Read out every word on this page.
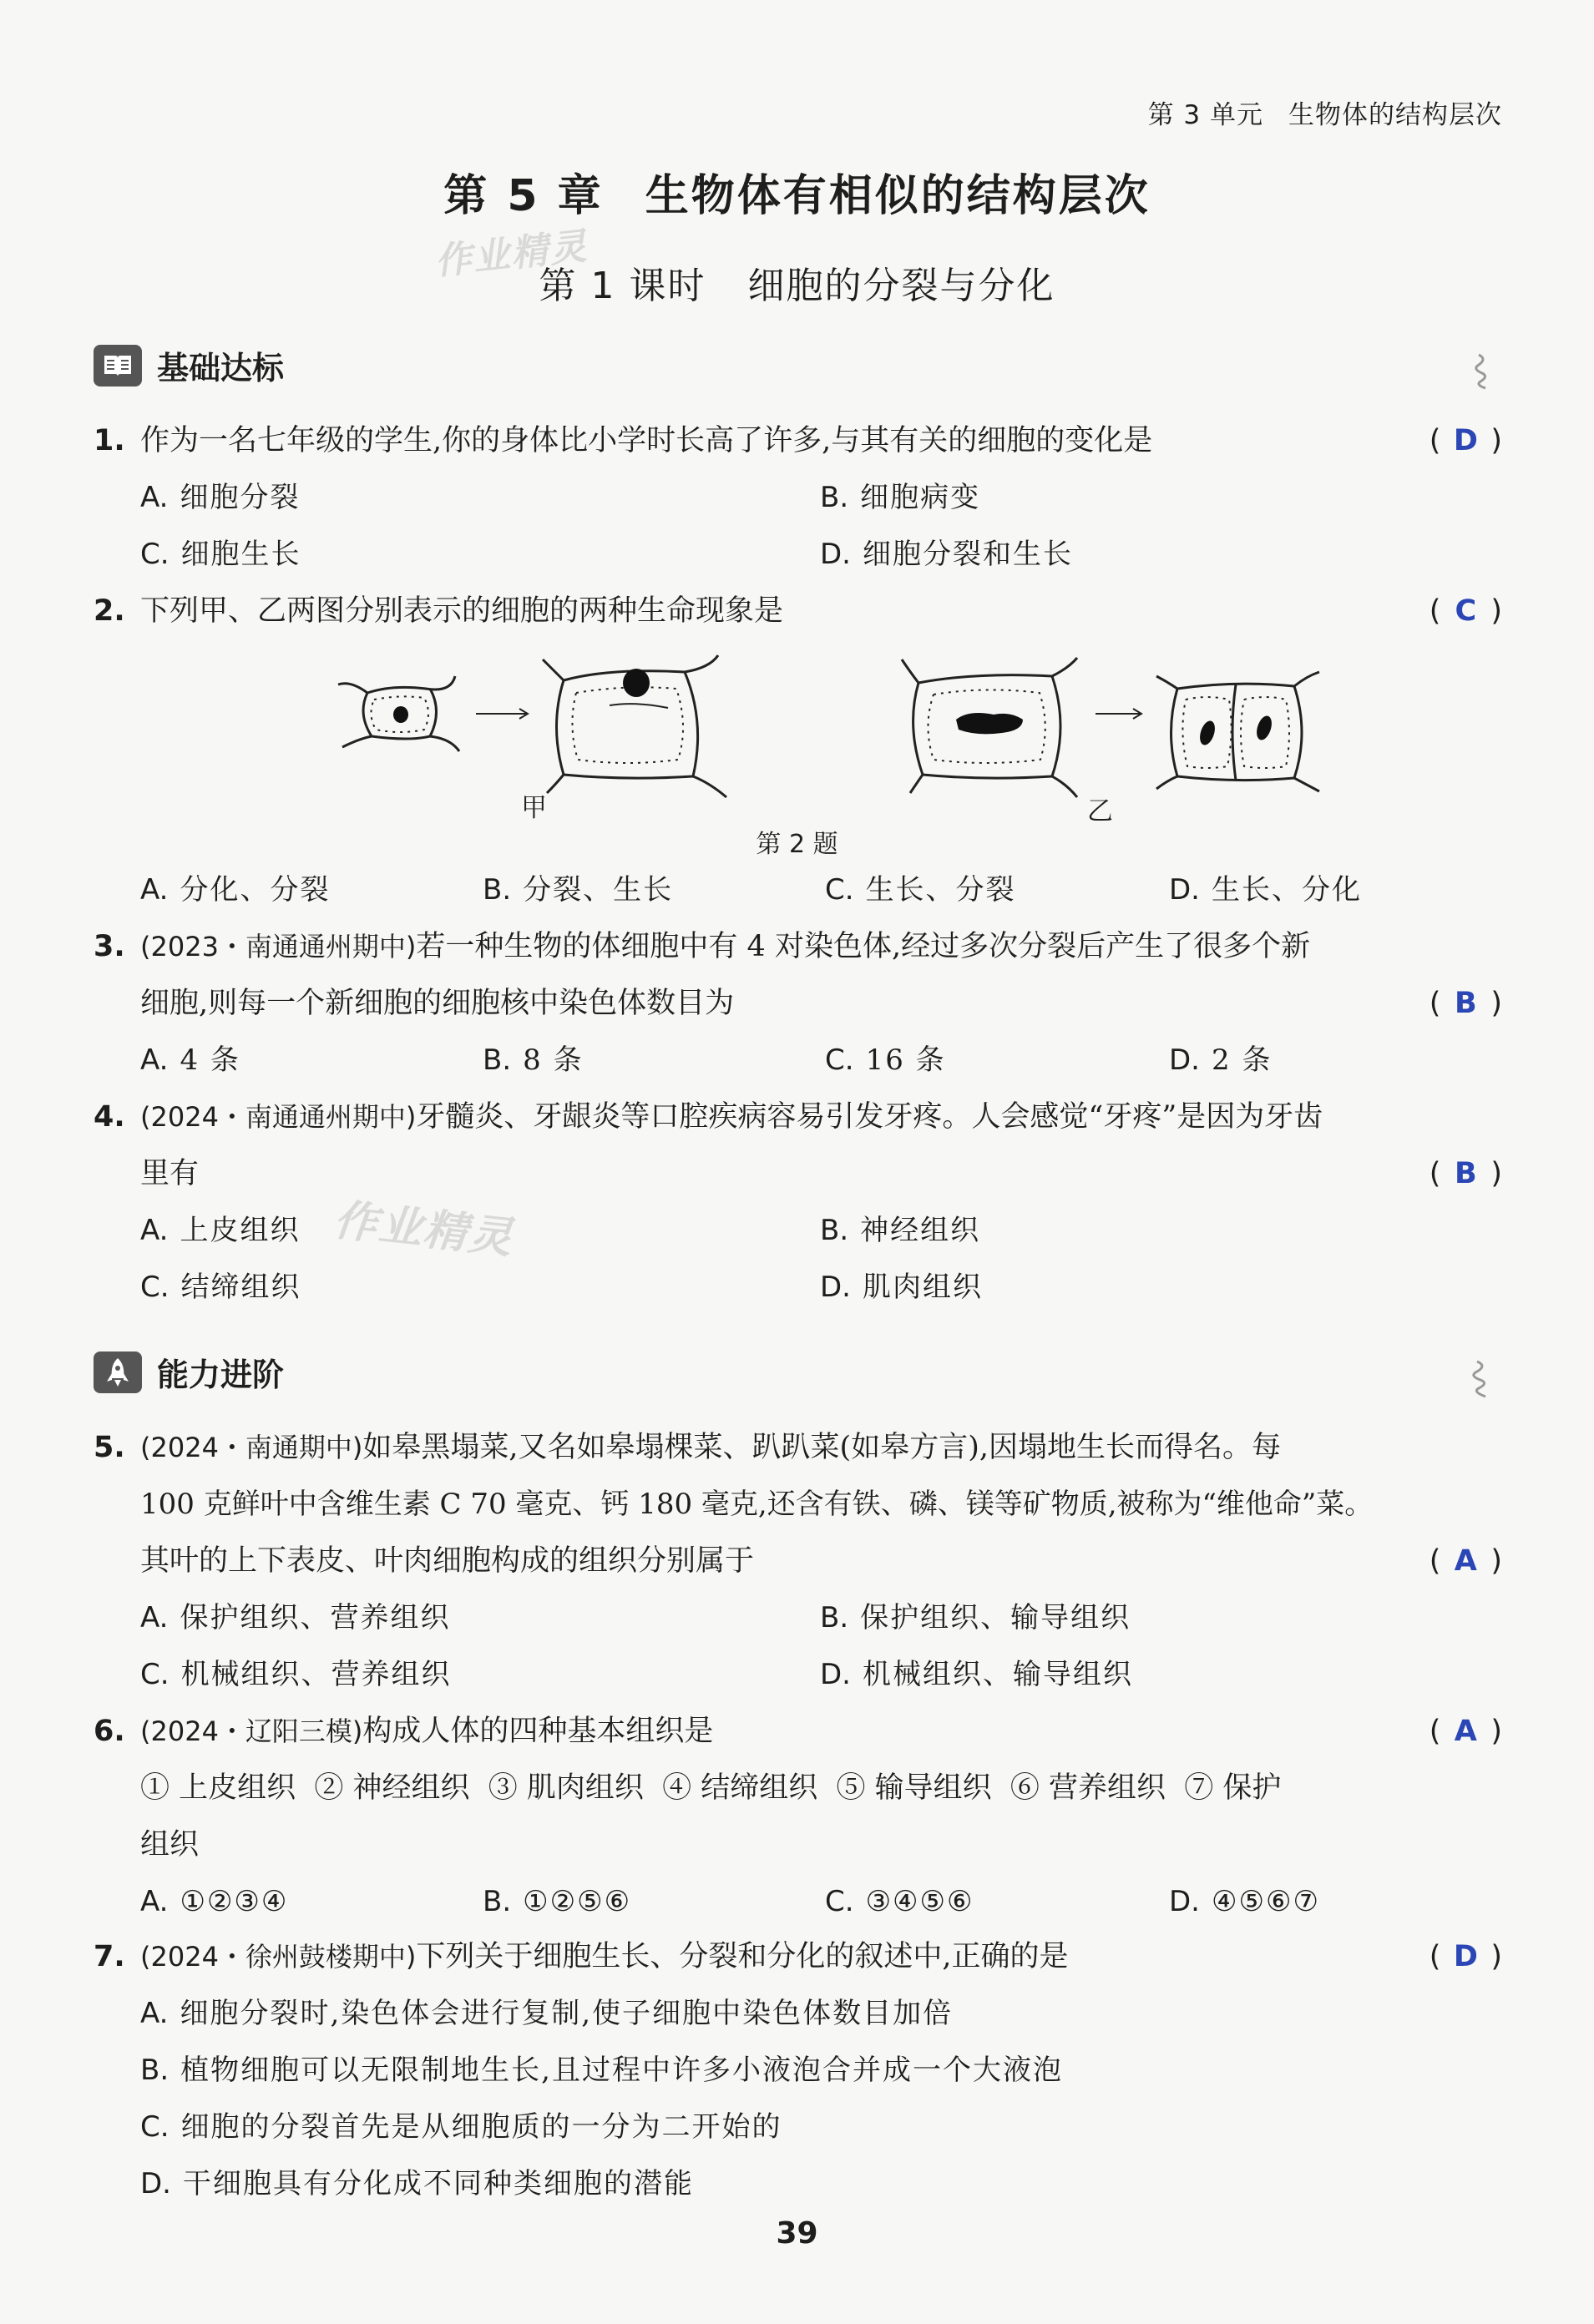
第 3 单元 生物体的结构层次
第 5 章 生物体有相似的结构层次
作业精灵
第 1 课时 细胞的分裂与分化
基础达标
1. 作为一名七年级的学生,你的身体比小学时长高了许多,与其有关的细胞的变化是	( D )
A. 细胞分裂	B. 细胞病变
C. 细胞生长	D. 细胞分裂和生长
2. 下列甲、乙两图分别表示的细胞的两种生命现象是	( C )
甲	乙
第 2 题
A. 分化、分裂	B. 分裂、生长	C. 生长、分裂	D. 生长、分化
3. (2023・南通通州期中)若一种生物的体细胞中有 4 对染色体,经过多次分裂后产生了很多个新
细胞,则每一个新细胞的细胞核中染色体数目为	( B )
A. 4 条	B. 8 条	C. 16 条	D. 2 条
4. (2024・南通通州期中)牙髓炎、牙龈炎等口腔疾病容易引发牙疼。人会感觉“牙疼”是因为牙齿
里有	( B )
A. 上皮组织	B. 神经组织
C. 结缔组织	D. 肌肉组织
作业精灵
能力进阶
5. (2024・南通期中)如皋黑塌菜,又名如皋塌棵菜、趴趴菜(如皋方言),因塌地生长而得名。每
100 克鲜叶中含维生素 C 70 毫克、钙 180 毫克,还含有铁、磷、镁等矿物质,被称为“维他命”菜。
其叶的上下表皮、叶肉细胞构成的组织分别属于	( A )
A. 保护组织、营养组织	B. 保护组织、输导组织
C. 机械组织、营养组织	D. 机械组织、输导组织
6. (2024・辽阳三模)构成人体的四种基本组织是	( A )
① 上皮组织  ② 神经组织  ③ 肌肉组织  ④ 结缔组织  ⑤ 输导组织  ⑥ 营养组织  ⑦ 保护
组织
A. ①②③④	B. ①②⑤⑥	C. ③④⑤⑥	D. ④⑤⑥⑦
7. (2024・徐州鼓楼期中)下列关于细胞生长、分裂和分化的叙述中,正确的是	( D )
A. 细胞分裂时,染色体会进行复制,使子细胞中染色体数目加倍
B. 植物细胞可以无限制地生长,且过程中许多小液泡合并成一个大液泡
C. 细胞的分裂首先是从细胞质的一分为二开始的
D. 干细胞具有分化成不同种类细胞的潜能
39
